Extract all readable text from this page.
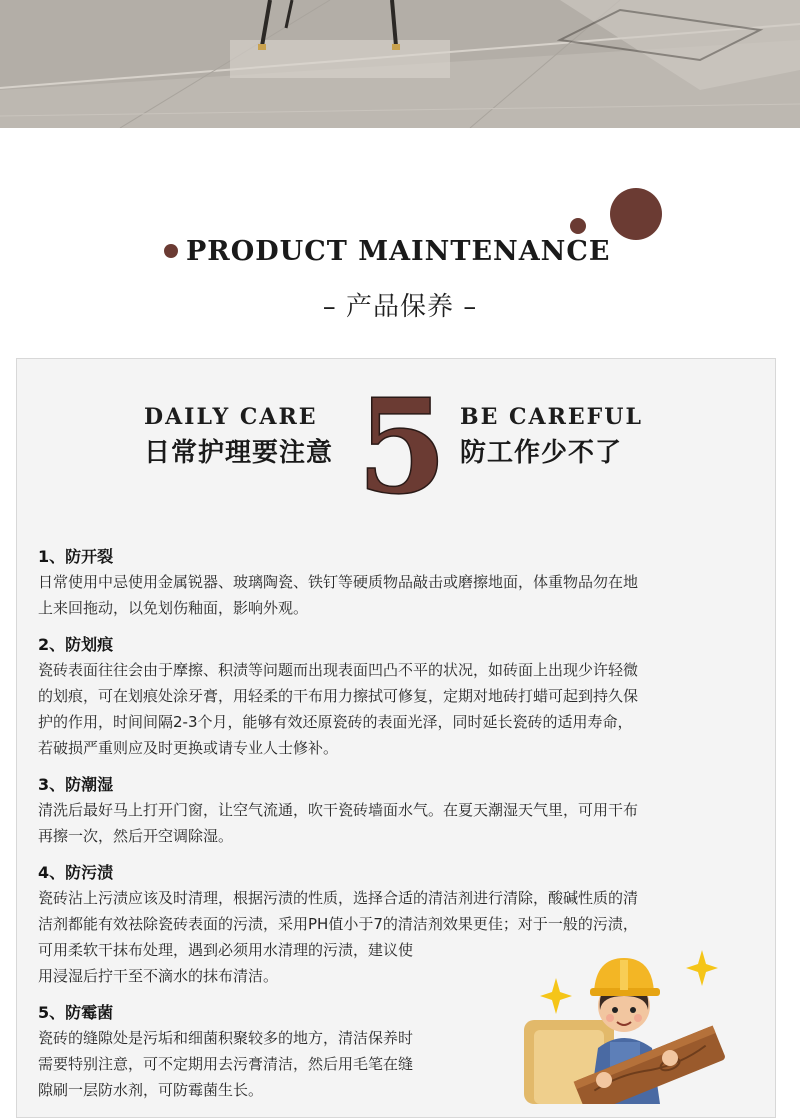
PRODUCT MAINTENANCE
– 产品保养 –
DAILY CARE
日常护理要注意 5 BE CAREFUL
防工作少不了
1、防开裂

日常使用中忌使用金属锐器、玻璃陶瓷、铁钉等硬质物品敲击或磨擦地面，体重物品勿在地

上来回拖动，以免划伤釉面，影响外观。

2、防划痕

瓷砖表面往往会由于摩擦、积渍等问题而出现表面凹凸不平的状况，如砖面上出现少许轻微

的划痕，可在划痕处涂牙膏，用轻柔的干布用力擦拭可修复，定期对地砖打蜡可起到持久保

护的作用，时间间隔2-3个月，能够有效还原瓷砖的表面光泽，同时延长瓷砖的适用寿命，

若破损严重则应及时更换或请专业人士修补。

3、防潮湿

清洗后最好马上打开门窗，让空气流通，吹干瓷砖墙面水气。在夏天潮湿天气里，可用干布

再擦一次，然后开空调除湿。

4、防污渍

瓷砖沾上污渍应该及时清理，根据污渍的性质，选择合适的清洁剂进行清除，酸碱性质的清

洁剂都能有效祛除瓷砖表面的污渍，采用PH值小于7的清洁剂效果更佳；对于一般的污渍，

可用柔软干抹布处理，遇到必须用水清理的污渍，建议使

用浸湿后拧干至不滴水的抹布清洁。

5、防霉菌

瓷砖的缝隙处是污垢和细菌积聚较多的地方，清洁保养时

需要特别注意，可不定期用去污膏清洁，然后用毛笔在缝

隙刷一层防水剂，可防霉菌生长。
